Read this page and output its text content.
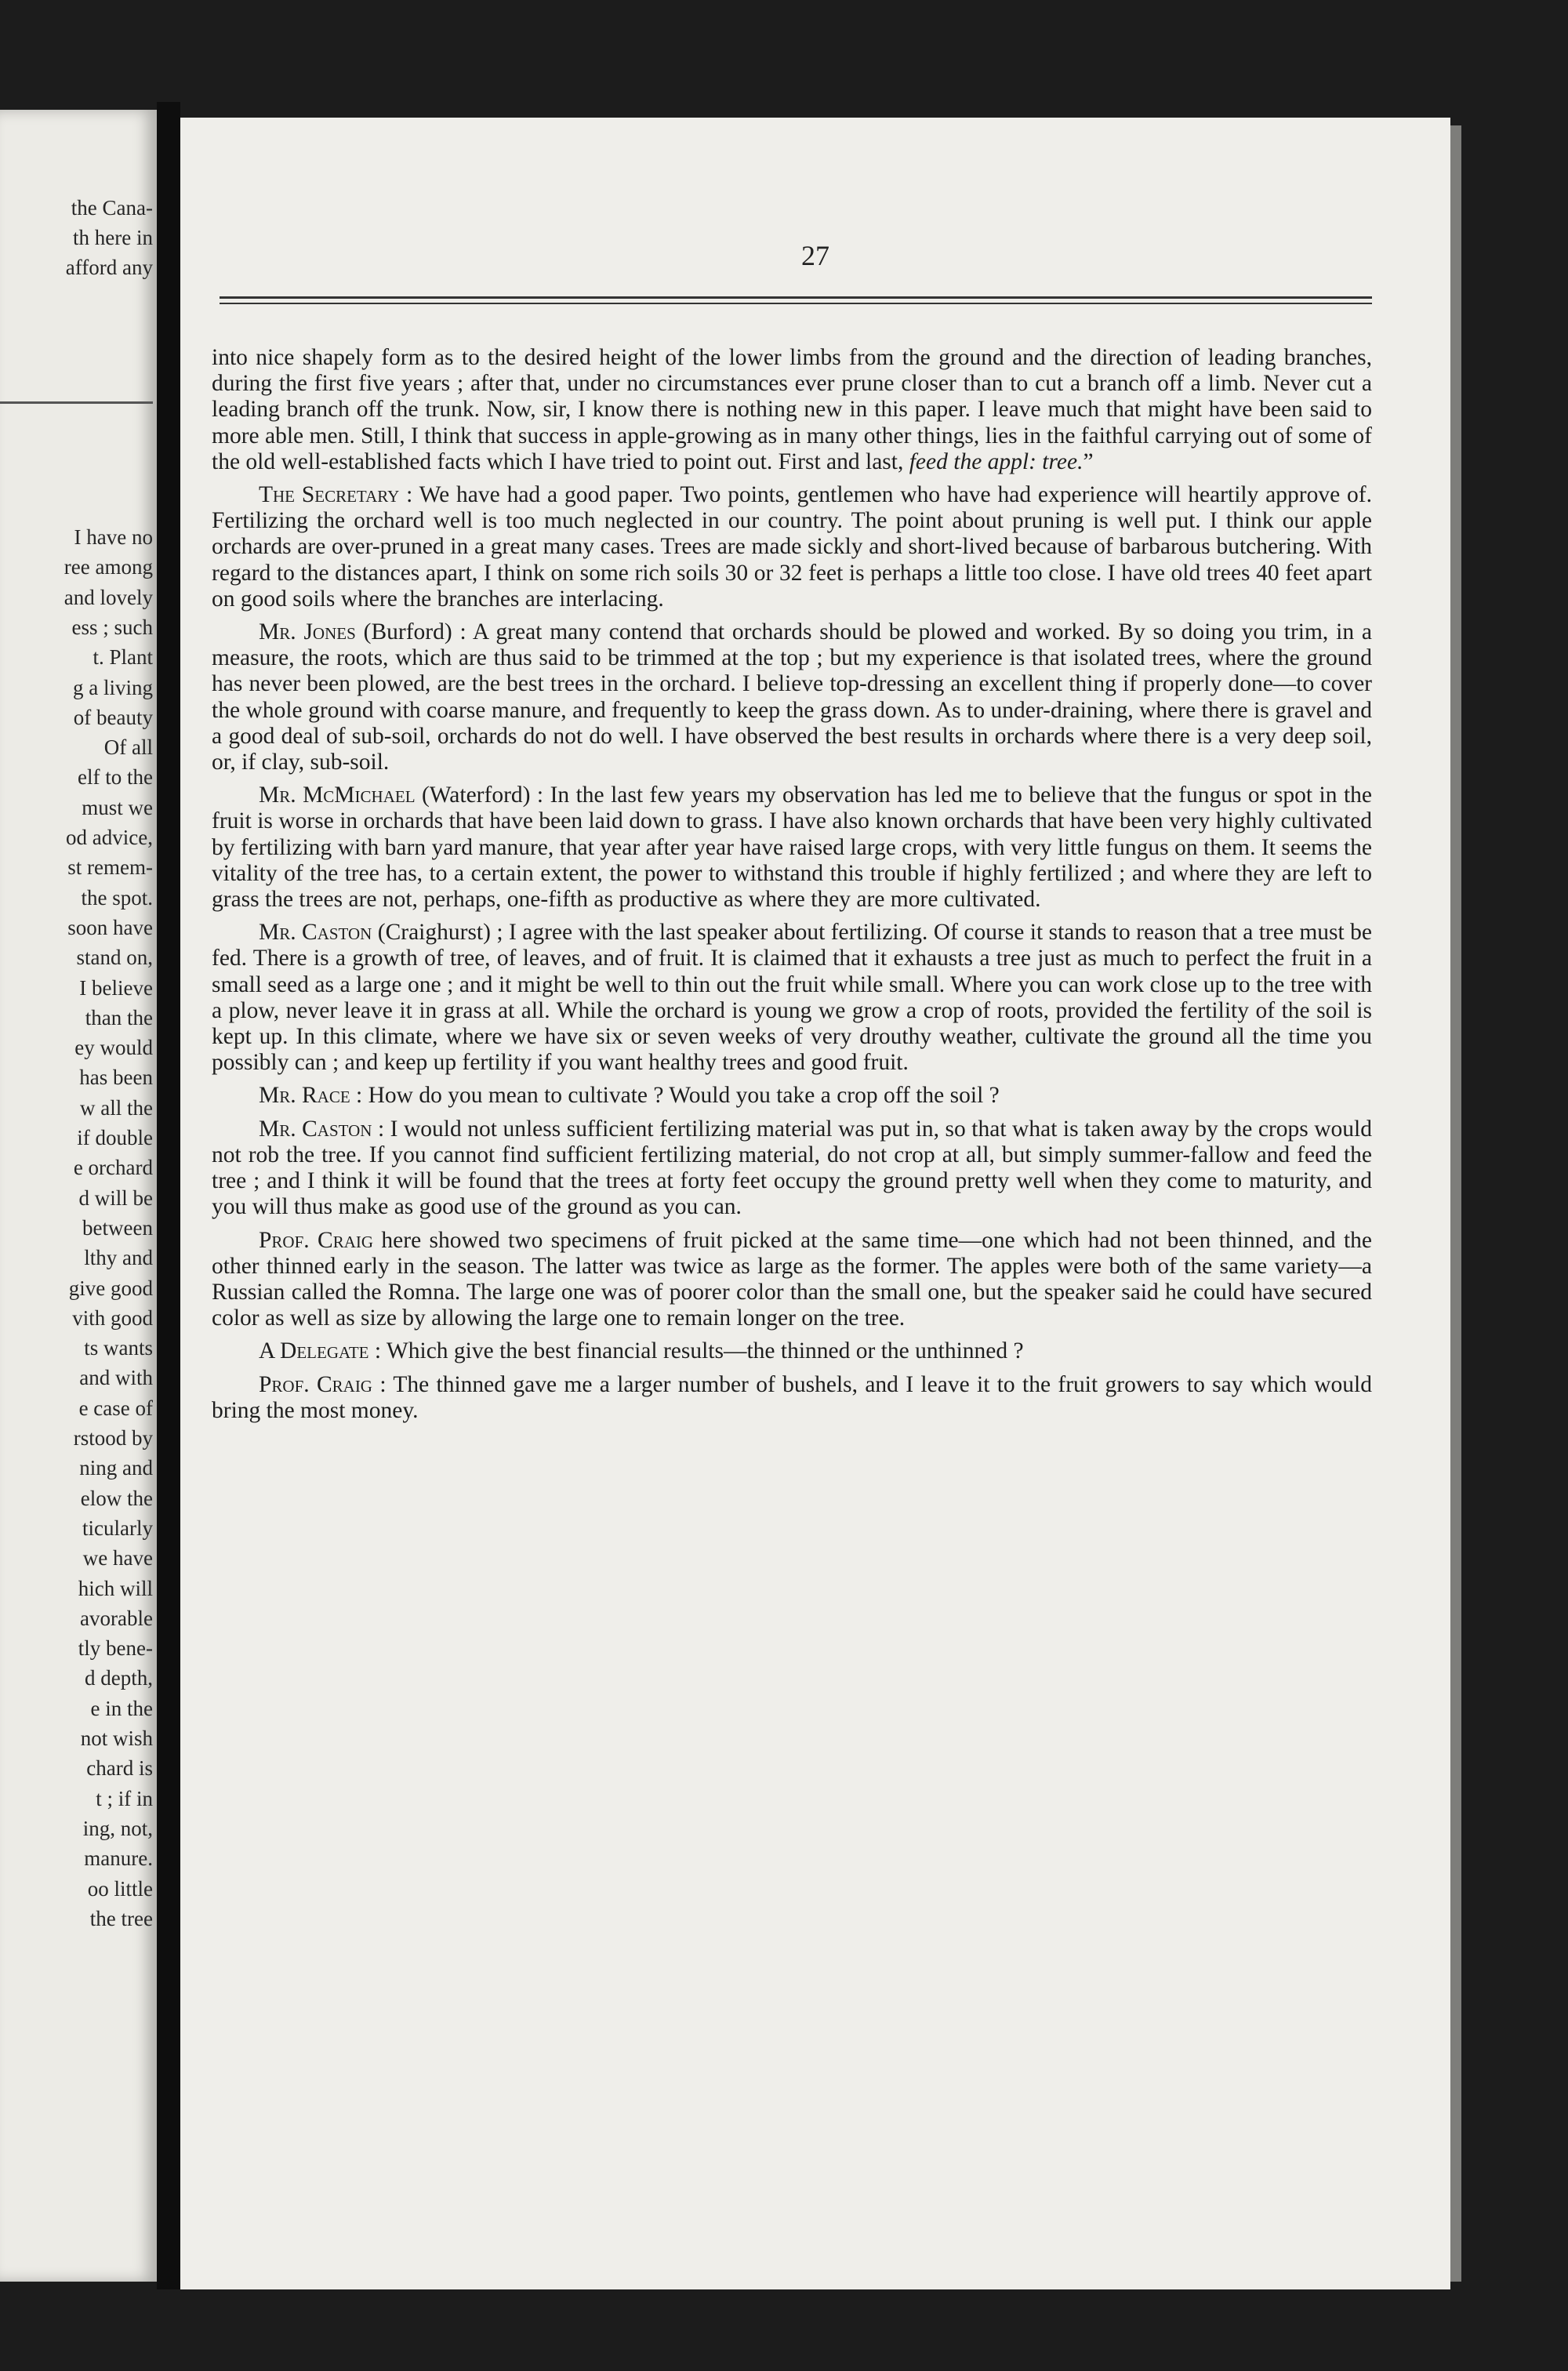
the Cana-
th here in
afford any
I have no
ree among
and lovely
ess ; such
t. Plant
g a living
of beauty
Of all
elf to the
must we
od advice,
st remem-
the spot.
soon have
stand on,
I believe
than the
ey would
has been
w all the
if double
e orchard
d will be
between
lthy and
give good
vith good
ts wants
and with
e case of
rstood by
ning and
elow the
ticularly
we have
hich will
avorable
tly bene-
d depth,
e in the
not wish
chard is
t ; if in
ing, not,
manure.
oo little
the tree
27

into nice shapely form as to the desired height of the lower limbs from the ground and the direction of leading branches, during the first five years ; after that, under no circumstances ever prune closer than to cut a branch off a limb. Never cut a leading branch off the trunk. Now, sir, I know there is nothing new in this paper. I leave much that might have been said to more able men. Still, I think that success in apple-growing as in many other things, lies in the faithful carrying out of some of the old well-established facts which I have tried to point out. First and last, feed the appl: tree.”

The Secretary : We have had a good paper. Two points, gentlemen who have had experience will heartily approve of. Fertilizing the orchard well is too much neglected in our country. The point about pruning is well put. I think our apple orchards are over-pruned in a great many cases. Trees are made sickly and short-lived because of barbarous butchering. With regard to the distances apart, I think on some rich soils 30 or 32 feet is perhaps a little too close. I have old trees 40 feet apart on good soils where the branches are interlacing.

Mr. Jones (Burford) : A great many contend that orchards should be plowed and worked. By so doing you trim, in a measure, the roots, which are thus said to be trimmed at the top ; but my experience is that isolated trees, where the ground has never been plowed, are the best trees in the orchard. I believe top-dressing an excellent thing if properly done—to cover the whole ground with coarse manure, and frequently to keep the grass down. As to under-draining, where there is gravel and a good deal of sub-soil, orchards do not do well. I have observed the best results in orchards where there is a very deep soil, or, if clay, sub-soil.

Mr. McMichael (Waterford) : In the last few years my observation has led me to believe that the fungus or spot in the fruit is worse in orchards that have been laid down to grass. I have also known orchards that have been very highly cultivated by fertilizing with barn yard manure, that year after year have raised large crops, with very little fungus on them. It seems the vitality of the tree has, to a certain extent, the power to withstand this trouble if highly fertilized ; and where they are left to grass the trees are not, perhaps, one-fifth as productive as where they are more cultivated.

Mr. Caston (Craighurst) ; I agree with the last speaker about fertilizing. Of course it stands to reason that a tree must be fed. There is a growth of tree, of leaves, and of fruit. It is claimed that it exhausts a tree just as much to perfect the fruit in a small seed as a large one ; and it might be well to thin out the fruit while small. Where you can work close up to the tree with a plow, never leave it in grass at all. While the orchard is young we grow a crop of roots, provided the fertility of the soil is kept up. In this climate, where we have six or seven weeks of very drouthy weather, cultivate the ground all the time you possibly can ; and keep up fertility if you want healthy trees and good fruit.

Mr. Race : How do you mean to cultivate ? Would you take a crop off the soil ?

Mr. Caston : I would not unless sufficient fertilizing material was put in, so that what is taken away by the crops would not rob the tree. If you cannot find sufficient fertilizing material, do not crop at all, but simply summer-fallow and feed the tree ; and I think it will be found that the trees at forty feet occupy the ground pretty well when they come to maturity, and you will thus make as good use of the ground as you can.

Prof. Craig here showed two specimens of fruit picked at the same time—one which had not been thinned, and the other thinned early in the season. The latter was twice as large as the former. The apples were both of the same variety—a Russian called the Romna. The large one was of poorer color than the small one, but the speaker said he could have secured color as well as size by allowing the large one to remain longer on the tree.

A Delegate : Which give the best financial results—the thinned or the unthinned ?

Prof. Craig : The thinned gave me a larger number of bushels, and I leave it to the fruit growers to say which would bring the most money.
